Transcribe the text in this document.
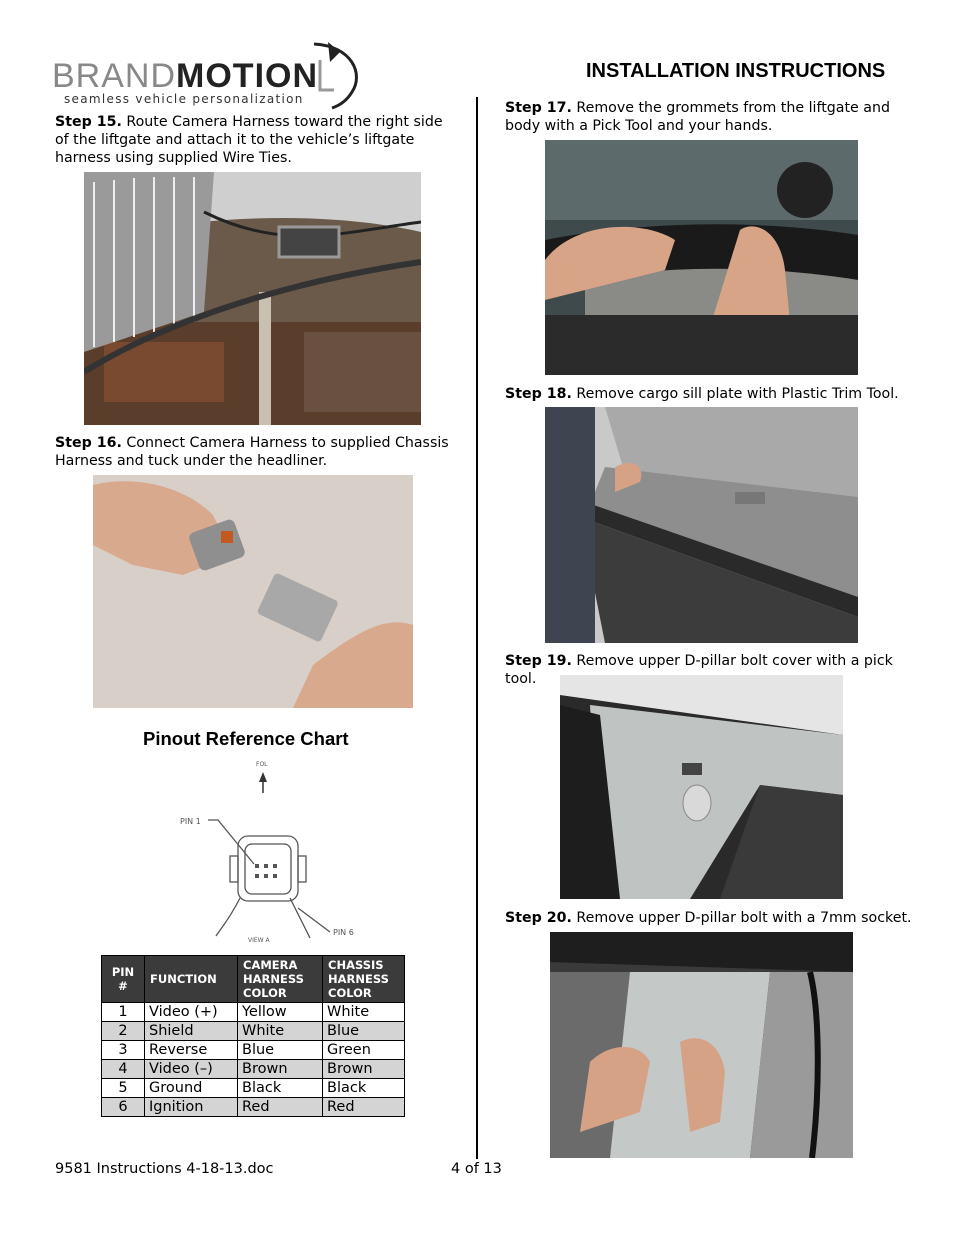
BRANDMOTION
seamless vehicle personalization
INSTALLATION INSTRUCTIONS
Step 15. Route Camera Harness toward the right side of the liftgate and attach it to the vehicle’s liftgate harness using supplied Wire Ties.
Step 16. Connect Camera Harness to supplied Chassis Harness and tuck under the headliner.
Pinout Reference Chart
FOL
PIN 1
PIN 6
VIEW A
PIN #	FUNCTION	CAMERA HARNESS COLOR	CHASSIS HARNESS COLOR
1	Video (+)	Yellow	White
2	Shield	White	Blue
3	Reverse	Blue	Green
4	Video (–)	Brown	Brown
5	Ground	Black	Black
6	Ignition	Red	Red
Step 17. Remove the grommets from the liftgate and body with a Pick Tool and your hands.
Step 18. Remove cargo sill plate with Plastic Trim Tool.
Step 19. Remove upper D-pillar bolt cover with a pick tool.
Step 20. Remove upper D-pillar bolt with a 7mm socket.
9581 Instructions 4-18-13.doc	4 of 13
